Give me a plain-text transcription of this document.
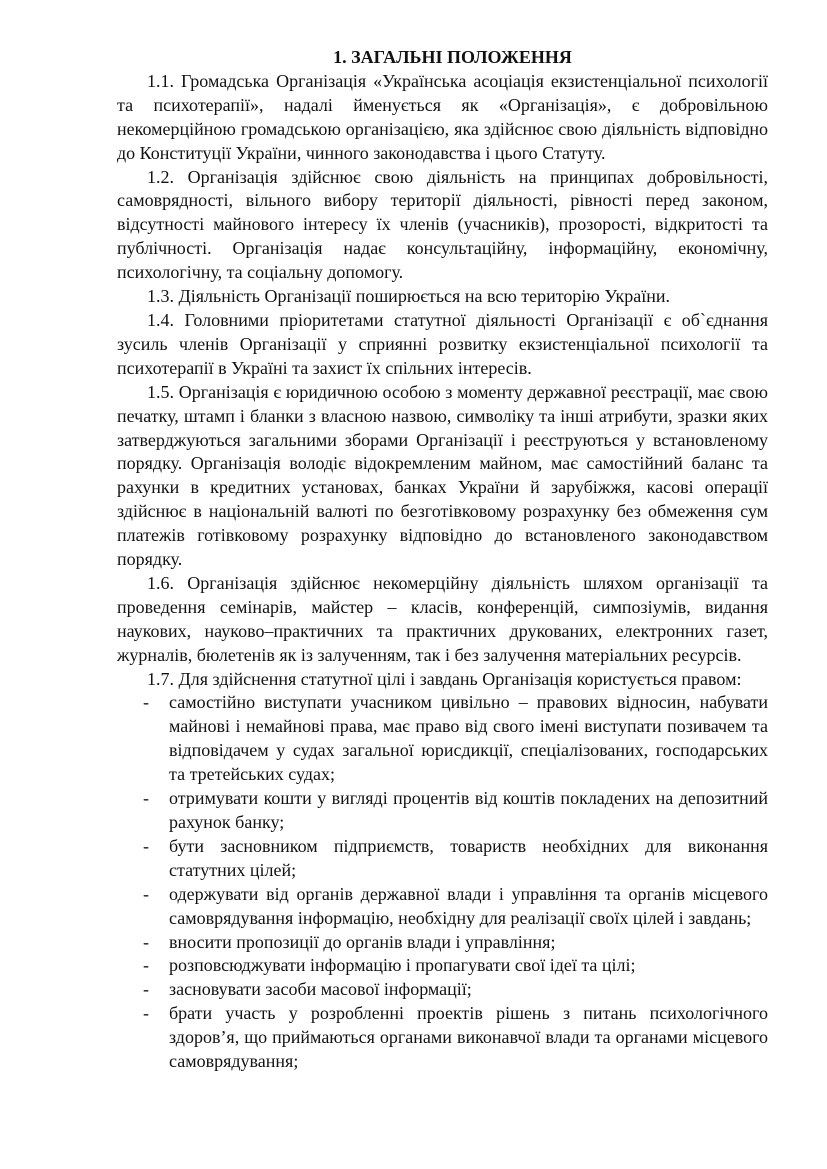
1. ЗАГАЛЬНІ ПОЛОЖЕННЯ

1.1. Громадська Організація «Українська асоціація екзистенціальної психології та психотерапії», надалі йменується як «Організація», є добровільною некомерційною громадською організацією, яка здійснює свою діяльність відповідно до Конституції України, чинного законодавства і цього Статуту.

1.2. Організація здійснює свою діяльність на принципах добровільності, самоврядності, вільного вибору території діяльності, рівності перед законом, відсутності майнового інтересу їх членів (учасників), прозорості, відкритості та публічності. Організація надає консультаційну, інформаційну, економічну, психологічну, та соціальну допомогу.

1.3. Діяльність Організації поширюється на всю територію України.

1.4. Головними пріоритетами статутної діяльності Організації є об`єднання зусиль членів Організації у сприянні розвитку екзистенціальної психології та психотерапії в Україні та захист їх спільних інтересів.

1.5. Організація є юридичною особою з моменту державної реєстрації, має свою печатку, штамп і бланки з власною назвою, символіку та інші атрибути, зразки яких затверджуються загальними зборами Організації і реєструються у встановленому порядку. Організація володіє відокремленим майном, має самостійний баланс та рахунки в кредитних установах, банках України й зарубіжжя, касові операції здійснює в національній валюті по безготівковому розрахунку без обмеження сум платежів готівковому розрахунку відповідно до встановленого законодавством порядку.

1.6. Організація здійснює некомерційну діяльність шляхом організації та проведення семінарів, майстер – класів, конференцій, симпозіумів, видання наукових, науково–практичних та практичних друкованих, електронних газет, журналів, бюлетенів як із залученням, так і без залучення матеріальних ресурсів.

1.7. Для здійснення статутної цілі і завдань Організація користується правом:

- самостійно виступати учасником цивільно – правових відносин, набувати майнові і немайнові права, має право від свого імені виступати позивачем та відповідачем у судах загальної юрисдикції, спеціалізованих, господарських та третейських судах;
- отримувати кошти у вигляді процентів від коштів покладених на депозитний рахунок банку;
- бути засновником підприємств, товариств необхідних для виконання статутних цілей;
- одержувати від органів державної влади і управління та органів місцевого самоврядування інформацію, необхідну для реалізації своїх цілей і завдань;
- вносити пропозиції до органів влади і управління;
- розповсюджувати інформацію і пропагувати свої ідеї та цілі;
- засновувати засоби масової інформації;
- брати участь у розробленні проектів рішень з питань психологічного здоров’я, що приймаються органами виконавчої влади та органами місцевого самоврядування;
